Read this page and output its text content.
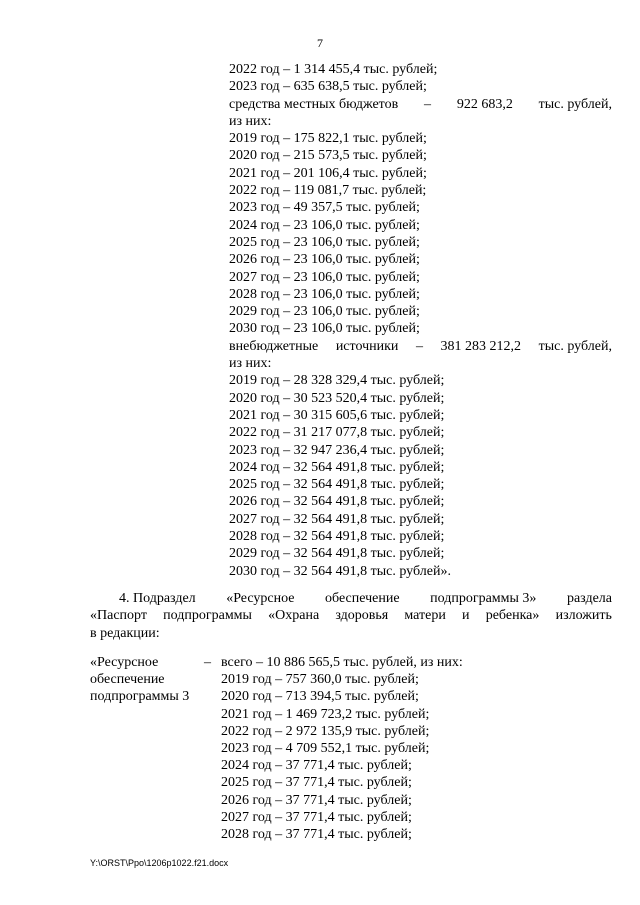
7
2022 год – 1 314 455,4 тыс. рублей;
2023 год – 635 638,5 тыс. рублей;
средства местных бюджетов – 922 683,2 тыс. рублей,
из них:
2019 год – 175 822,1 тыс. рублей;
2020 год – 215 573,5 тыс. рублей;
2021 год – 201 106,4 тыс. рублей;
2022 год – 119 081,7 тыс. рублей;
2023 год – 49 357,5 тыс. рублей;
2024 год – 23 106,0 тыс. рублей;
2025 год – 23 106,0 тыс. рублей;
2026 год – 23 106,0 тыс. рублей;
2027 год – 23 106,0 тыс. рублей;
2028 год – 23 106,0 тыс. рублей;
2029 год – 23 106,0 тыс. рублей;
2030 год – 23 106,0 тыс. рублей;
внебюджетные источники – 381 283 212,2 тыс. рублей,
из них:
2019 год – 28 328 329,4 тыс. рублей;
2020 год – 30 523 520,4 тыс. рублей;
2021 год – 30 315 605,6 тыс. рублей;
2022 год – 31 217 077,8 тыс. рублей;
2023 год – 32 947 236,4 тыс. рублей;
2024 год – 32 564 491,8 тыс. рублей;
2025 год – 32 564 491,8 тыс. рублей;
2026 год – 32 564 491,8 тыс. рублей;
2027 год – 32 564 491,8 тыс. рублей;
2028 год – 32 564 491,8 тыс. рублей;
2029 год – 32 564 491,8 тыс. рублей;
2030 год – 32 564 491,8 тыс. рублей».
4. Подраздел «Ресурсное обеспечение подпрограммы 3» раздела
«Паспорт подпрограммы «Охрана здоровья матери и ребенка» изложить
в редакции:
«Ресурсное
обеспечение
подпрограммы 3
– всего – 10 886 565,5 тыс. рублей, из них:
2019 год – 757 360,0 тыс. рублей;
2020 год – 713 394,5 тыс. рублей;
2021 год – 1 469 723,2 тыс. рублей;
2022 год – 2 972 135,9 тыс. рублей;
2023 год – 4 709 552,1 тыс. рублей;
2024 год – 37 771,4 тыс. рублей;
2025 год – 37 771,4 тыс. рублей;
2026 год – 37 771,4 тыс. рублей;
2027 год – 37 771,4 тыс. рублей;
2028 год – 37 771,4 тыс. рублей;
Y:\ORST\Ppo\1206p1022.f21.docx
